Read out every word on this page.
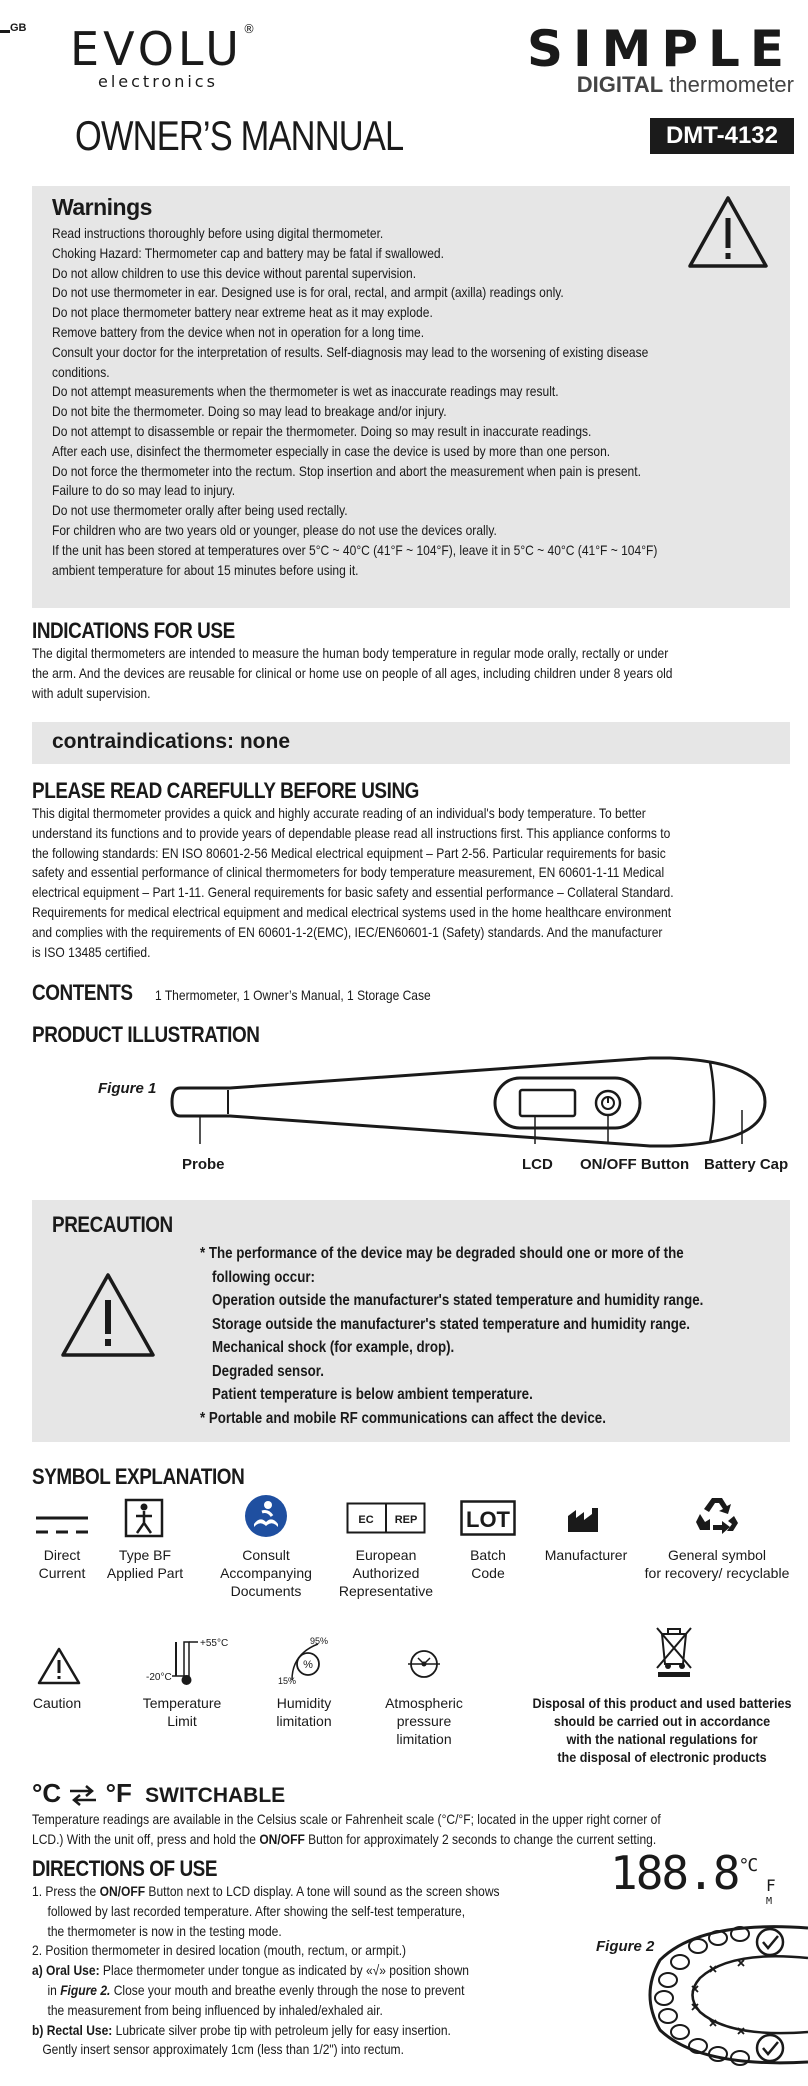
GB EVOLU®
electronics
SIMPLE
DIGITAL thermometer
OWNER’S MANNUAL	DMT-4132
Warnings
Read instructions thoroughly before using digital thermometer.
Choking Hazard: Thermometer cap and battery may be fatal if swallowed.
Do not allow children to use this device without parental supervision.
Do not use thermometer in ear. Designed use is for oral, rectal, and armpit (axilla) readings only.
Do not place thermometer battery near extreme heat as it may explode.
Remove battery from the device when not in operation for a long time.
Consult your doctor for the interpretation of results. Self-diagnosis may lead to the worsening of existing disease
conditions.
Do not attempt measurements when the thermometer is wet as inaccurate readings may result.
Do not bite the thermometer. Doing so may lead to breakage and/or injury.
Do not attempt to disassemble or repair the thermometer. Doing so may result in inaccurate readings.
After each use, disinfect the thermometer especially in case the device is used by more than one person.
Do not force the thermometer into the rectum. Stop insertion and abort the measurement when pain is present.
Failure to do so may lead to injury.
Do not use thermometer orally after being used rectally.
For children who are two years old or younger, please do not use the devices orally.
If the unit has been stored at temperatures over 5°C ~ 40°C (41°F ~ 104°F), leave it in 5°C ~ 40°C (41°F ~ 104°F)
ambient temperature for about 15 minutes before using it.
INDICATIONS FOR USE
The digital thermometers are intended to measure the human body temperature in regular mode orally, rectally or under
the arm. And the devices are reusable for clinical or home use on people of all ages, including children under 8 years old
with adult supervision.
contraindications: none
PLEASE READ CAREFULLY BEFORE USING
This digital thermometer provides a quick and highly accurate reading of an individual's body temperature. To better
understand its functions and to provide years of dependable please read all instructions first. This appliance conforms to
the following standards: EN ISO 80601-2-56 Medical electrical equipment – Part 2-56. Particular requirements for basic
safety and essential performance of clinical thermometers for body temperature measurement, EN 60601-1-11 Medical
electrical equipment – Part 1-11. General requirements for basic safety and essential performance – Collateral Standard.
Requirements for medical electrical equipment and medical electrical systems used in the home healthcare environment
and complies with the requirements of EN 60601-1-2(EMC), IEC/EN60601-1 (Safety) standards. And the manufacturer
is ISO 13485 certified.
CONTENTS 1 Thermometer, 1 Owner’s Manual, 1 Storage Case
PRODUCT ILLUSTRATION
Figure 1
Probe	LCD ON/OFF Button Battery Cap
PRECAUTION
* The performance of the device may be degraded should one or more of the
following occur:
Operation outside the manufacturer's stated temperature and humidity range.
Storage outside the manufacturer's stated temperature and humidity range.
Mechanical shock (for example, drop).
Degraded sensor.
Patient temperature is below ambient temperature.
* Portable and mobile RF communications can affect the device.
SYMBOL EXPLANATION
EC REP LOT
Direct
Current
Type BF
Applied Part
Consult
Accompanying
Documents
European
Authorized
Representative
Batch
Code
Manufacturer	General symbol
for recovery/ recyclable
+55°C
-20°C
%
95%
15%
Caution	Temperature
Limit
Humidity
limitation
Atmospheric
pressure
limitation
Disposal of this product and used batteries
should be carried out in accordance
with the national regulations for
the disposal of electronic products
°C °F SWITCHABLE
Temperature readings are available in the Celsius scale or Fahrenheit scale (°C/°F; located in the upper right corner of
LCD.) With the unit off, press and hold the ON/OFF Button for approximately 2 seconds to change the current setting.
DIRECTIONS OF USE	$188.8^{^\circ C}$
F
M
1. Press the ON/OFF Button next to LCD display. A tone will sound as the screen shows
followed by last recorded temperature. After showing the self-test temperature,
the thermometer is now in the testing mode.
2. Position thermometer in desired location (mouth, rectum, or armpit.)
a) Oral Use: Place thermometer under tongue as indicated by «√» position shown
in Figure 2. Close your mouth and breathe evenly through the nose to prevent
the measurement from being influenced by inhaled/exhaled air.
b) Rectal Use: Lubricate silver probe tip with petroleum jelly for easy insertion.
Gently insert sensor approximately 1cm (less than 1/2") into rectum.
Figure 2
